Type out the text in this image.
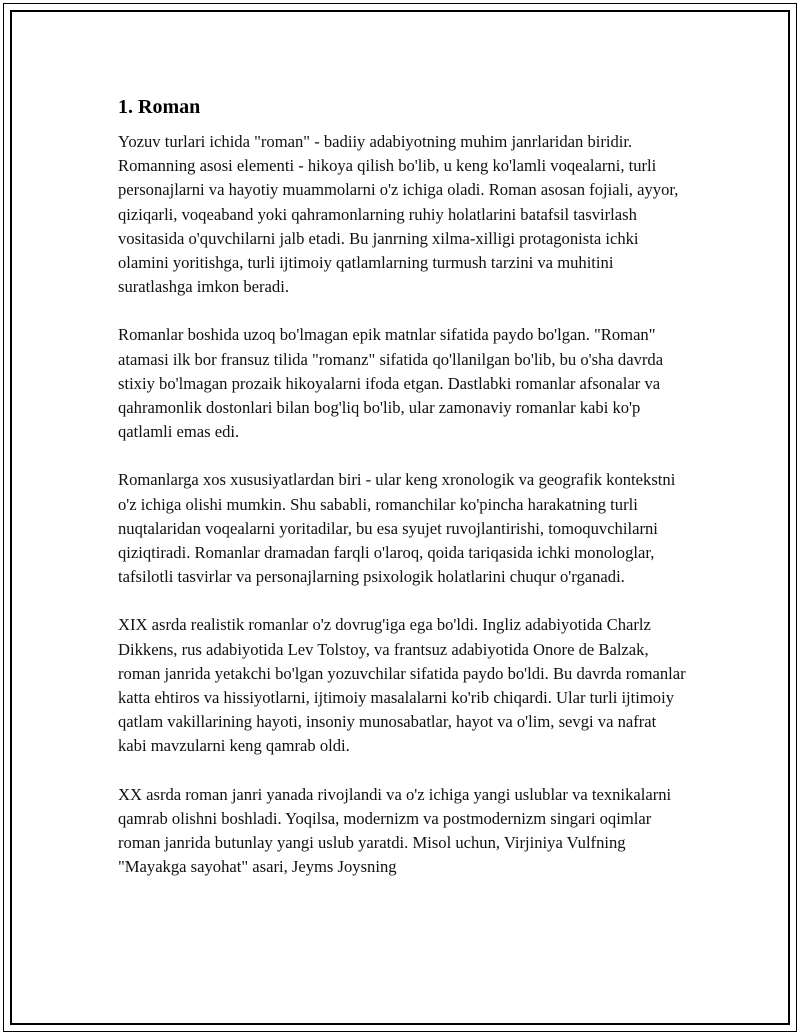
1. Roman

Yozuv turlari ichida "roman" - badiiy adabiyotning muhim janrlaridan biridir. Romanning asosi elementi - hikoya qilish bo'lib, u keng ko'lamli voqealarni, turli personajlarni va hayotiy muammolarni o'z ichiga oladi. Roman asosan fojiali, ayyor, qiziqarli, voqeaband yoki qahramonlarning ruhiy holatlarini batafsil tasvirlash vositasida o'quvchilarni jalb etadi. Bu janrning xilma-xilligi protagonista ichki olamini yoritishga, turli ijtimoiy qatlamlarning turmush tarzini va muhitini suratlashga imkon beradi.

Romanlar boshida uzoq bo'lmagan epik matnlar sifatida paydo bo'lgan. "Roman" atamasi ilk bor fransuz tilida "romanz" sifatida qo'llanilgan bo'lib, bu o'sha davrda stixiy bo'lmagan prozaik hikoyalarni ifoda etgan. Dastlabki romanlar afsonalar va qahramonlik dostonlari bilan bog'liq bo'lib, ular zamonaviy romanlar kabi ko'p qatlamli emas edi.

Romanlarga xos xususiyatlardan biri - ular keng xronologik va geografik kontekstni o'z ichiga olishi mumkin. Shu sababli, romanchilar ko'pincha harakatning turli nuqtalaridan voqealarni yoritadilar, bu esa syujet ruvojlantirishi, tomoquvchilarni qiziqtiradi. Romanlar dramadan farqli o'laroq, qoida tariqasida ichki monologlar, tafsilotli tasvirlar va personajlarning psixologik holatlarini chuqur o'rganadi.

XIX asrda realistik romanlar o'z dovrug'iga ega bo'ldi. Ingliz adabiyotida Charlz Dikkens, rus adabiyotida Lev Tolstoy, va frantsuz adabiyotida Onore de Balzak, roman janrida yetakchi bo'lgan yozuvchilar sifatida paydo bo'ldi. Bu davrda romanlar katta ehtiros va hissiyotlarni, ijtimoiy masalalarni ko'rib chiqardi. Ular turli ijtimoiy qatlam vakillarining hayoti, insoniy munosabatlar, hayot va o'lim, sevgi va nafrat kabi mavzularni keng qamrab oldi.

XX asrda roman janri yanada rivojlandi va o'z ichiga yangi uslublar va texnikalarni qamrab olishni boshladi. Yoqilsa, modernizm va postmodernizm singari oqimlar roman janrida butunlay yangi uslub yaratdi. Misol uchun, Virjiniya Vulfning "Mayakga sayohat" asari, Jeyms Joysning
